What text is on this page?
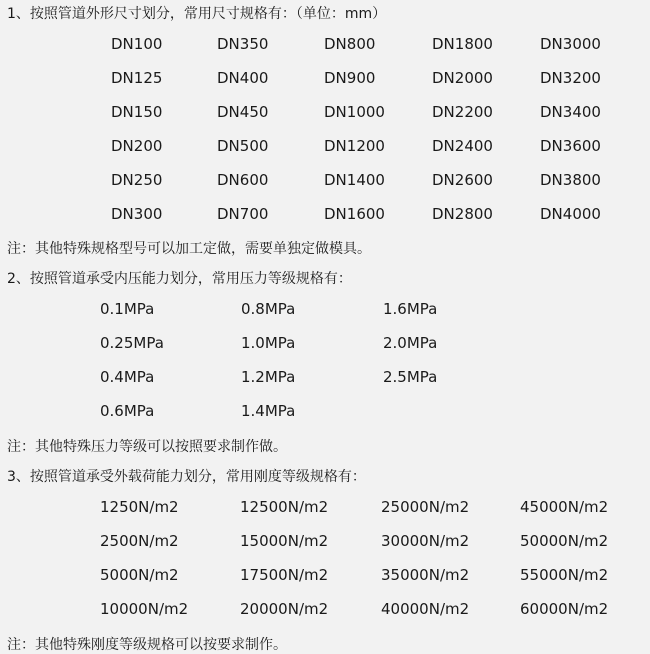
1、按照管道外形尺寸划分，常用尺寸规格有：（单位：mm）
DN100	DN350	DN800	DN1800	DN3000
DN125	DN400	DN900	DN2000	DN3200
DN150	DN450	DN1000	DN2200	DN3400
DN200	DN500	DN1200	DN2400	DN3600
DN250	DN600	DN1400	DN2600	DN3800
DN300	DN700	DN1600	DN2800	DN4000
注：其他特殊规格型号可以加工定做，需要单独定做模具。
2、按照管道承受内压能力划分，常用压力等级规格有：
0.1MPa	0.8MPa	1.6MPa
0.25MPa	1.0MPa	2.0MPa
0.4MPa	1.2MPa	2.5MPa
0.6MPa	1.4MPa
注：其他特殊压力等级可以按照要求制作做。
3、按照管道承受外载荷能力划分，常用刚度等级规格有：
1250N/m2	12500N/m2	25000N/m2	45000N/m2
2500N/m2	15000N/m2	30000N/m2	50000N/m2
5000N/m2	17500N/m2	35000N/m2	55000N/m2
10000N/m2	20000N/m2	40000N/m2	60000N/m2
注：其他特殊刚度等级规格可以按要求制作。
